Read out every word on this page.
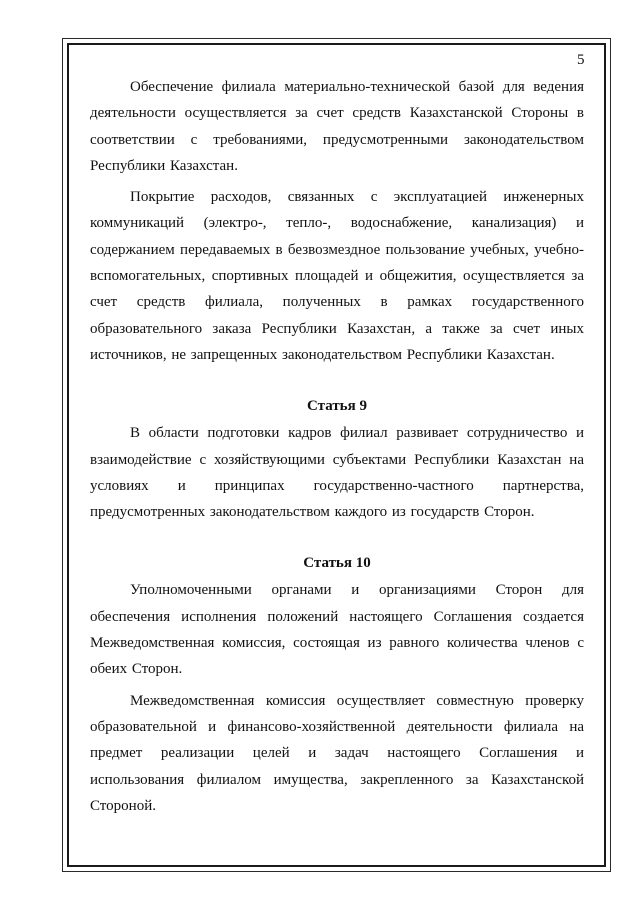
5

Обеспечение филиала материально-технической базой для ведения деятельности осуществляется за счет средств Казахстанской Стороны в соответствии с требованиями, предусмотренными законодательством Республики Казахстан.

Покрытие расходов, связанных с эксплуатацией инженерных коммуникаций (электро-, тепло-, водоснабжение, канализация) и содержанием передаваемых в безвозмездное пользование учебных, учебно-вспомогательных, спортивных площадей и общежития, осуществляется за счет средств филиала, полученных в рамках государственного образовательного заказа Республики Казахстан, а также за счет иных источников, не запрещенных законодательством Республики Казахстан.

Статья 9

В области подготовки кадров филиал развивает сотрудничество и взаимодействие с хозяйствующими субъектами Республики Казахстан на условиях и принципах государственно-частного партнерства, предусмотренных законодательством каждого из государств Сторон.

Статья 10

Уполномоченными органами и организациями Сторон для обеспечения исполнения положений настоящего Соглашения создается Межведомственная комиссия, состоящая из равного количества членов с обеих Сторон.

Межведомственная комиссия осуществляет совместную проверку образовательной и финансово-хозяйственной деятельности филиала на предмет реализации целей и задач настоящего Соглашения и использования филиалом имущества, закрепленного за Казахстанской Стороной.
